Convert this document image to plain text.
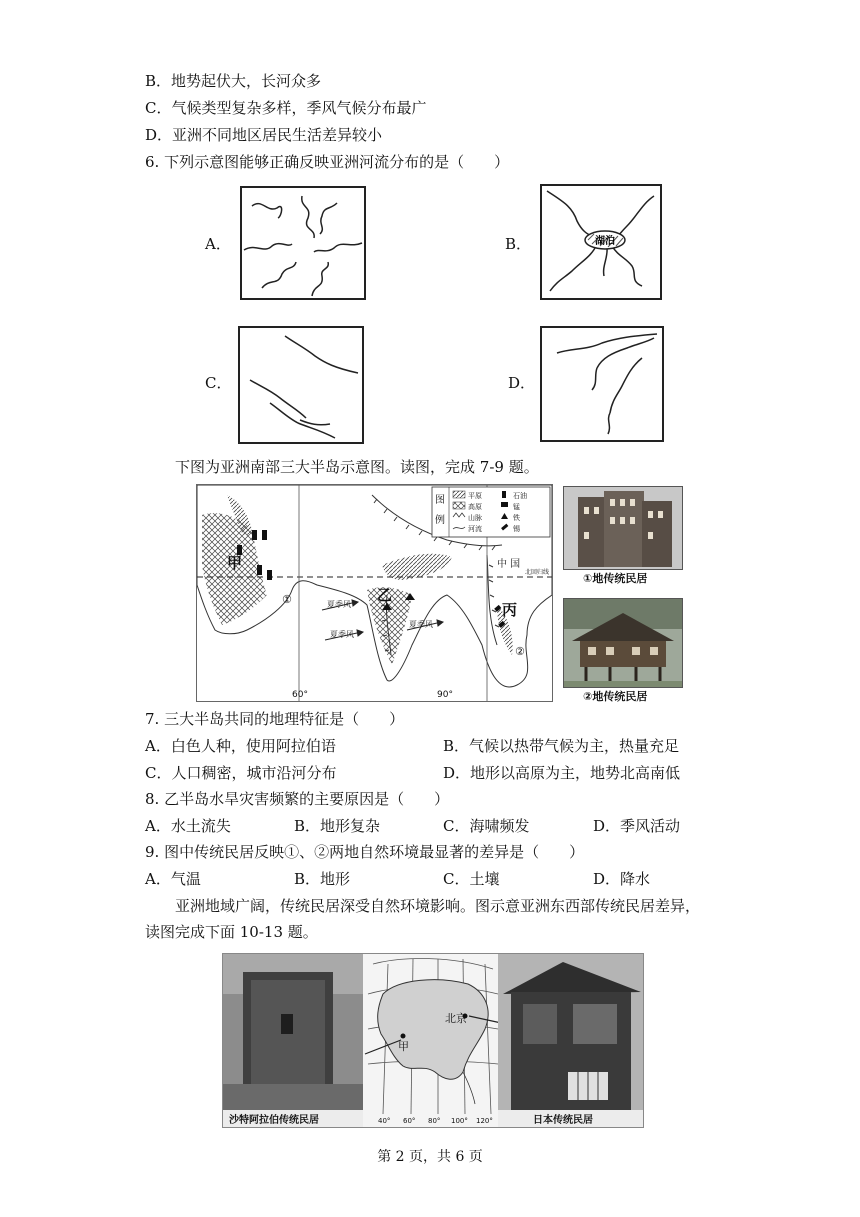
B．地势起伏大，长河众多
C．气候类型复杂多样，季风气候分布最广
D．亚洲不同地区居民生活差异较小
6. 下列示意图能够正确反映亚洲河流分布的是（　　）
A．	B．	湖泊
C．	D．
下图为亚洲南部三大半岛示意图。读图，完成 7-9 题。
夏季风
夏季风
夏季风
甲
乙
丙
中 国
北回归线
①
②
60°	90°
图
例
平原
高原
山脉
河流
石油
锰
铁
锡
①地传统民居
②地传统民居
7. 三大半岛共同的地理特征是（　　）
A．白色人种，使用阿拉伯语	B．气候以热带气候为主，热量充足
C．人口稠密，城市沿河分布	D．地形以高原为主，地势北高南低
8. 乙半岛水旱灾害频繁的主要原因是（　　）
A．水土流失	B．地形复杂	C．海啸频发	D．季风活动
9. 图中传统民居反映①、②两地自然环境最显著的差异是（　　）
A．气温	B．地形	C．土壤	D．降水
亚洲地域广阔，传统民居深受自然环境影响。图示意亚洲东西部传统民居差异，
读图完成下面 10-13 题。
甲
北京
40° 60° 80° 100° 120°
沙特阿拉伯传统民居	日本传统民居
第 2 页，共 6 页
